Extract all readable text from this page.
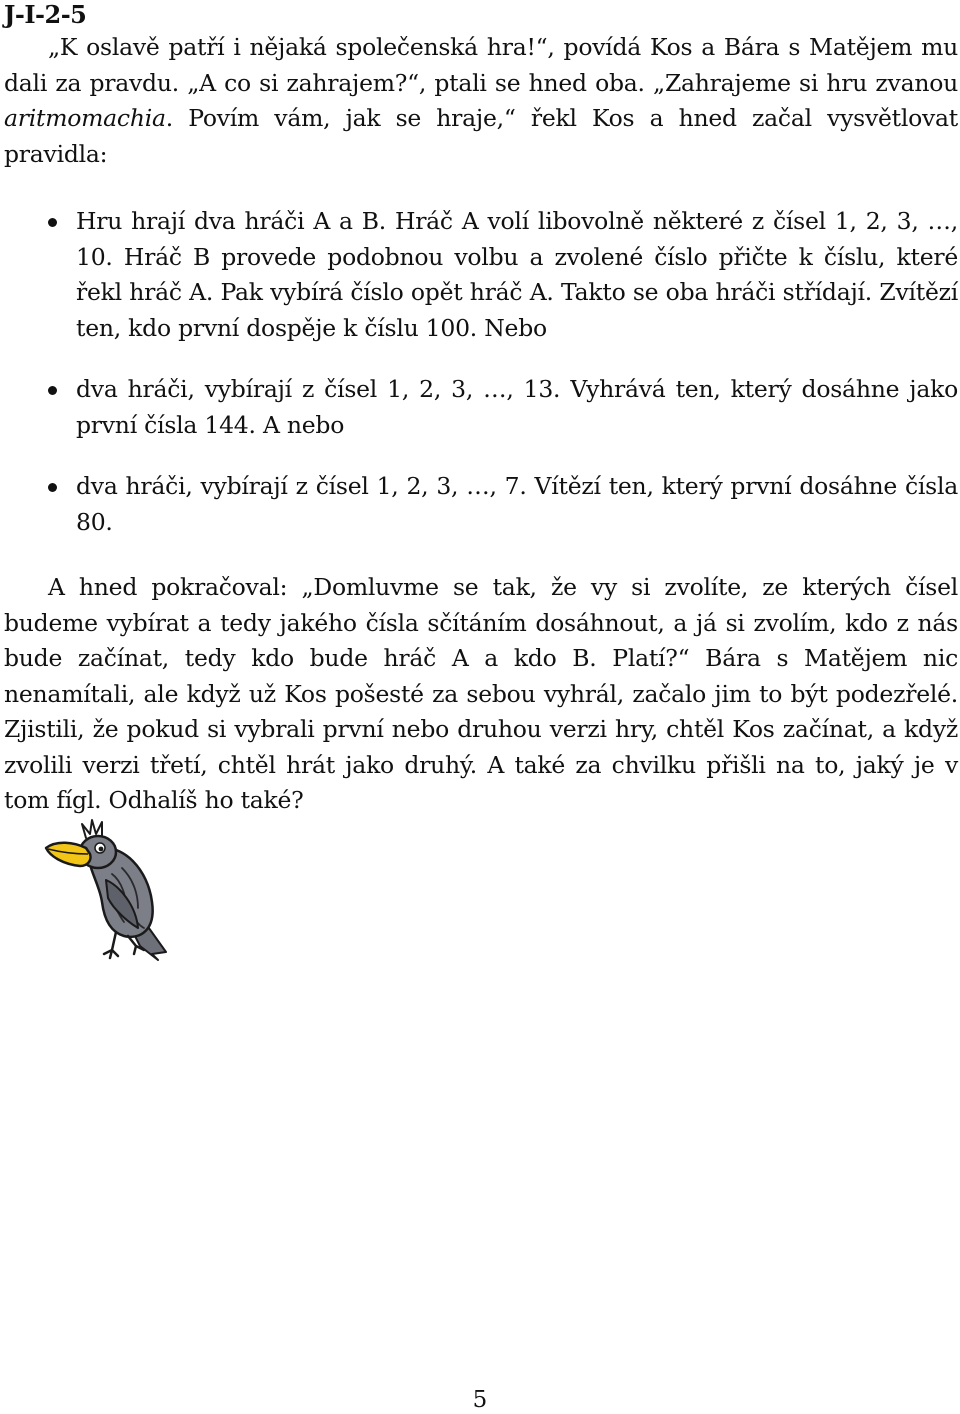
J-I-2-5

„K oslavě patří i nějaká společenská hra!“, povídá Kos a Bára s Matějem mu dali za pravdu. „A co si zahrajem?“, ptali se hned oba. „Zahrajeme si hru zvanou aritmomachia. Povím vám, jak se hraje,“ řekl Kos a hned začal vysvětlovat pravidla:

Hru hrají dva hráči A a B. Hráč A volí libovolně některé z čísel 1, 2, 3, …, 10. Hráč B provede podobnou volbu a zvolené číslo přičte k číslu, které řekl hráč A. Pak vybírá číslo opět hráč A. Takto se oba hráči střídají. Zvítězí ten, kdo první dospěje k číslu 100. Nebo
dva hráči, vybírají z čísel 1, 2, 3, …, 13. Vyhrává ten, který dosáhne jako první čísla 144. A nebo
dva hráči, vybírají z čísel 1, 2, 3, …, 7. Vítězí ten, který první dosáhne čísla 80.

A hned pokračoval: „Domluvme se tak, že vy si zvolíte, ze kterých čísel budeme vybírat a tedy jakého čísla sčítáním dosáhnout, a já si zvolím, kdo z nás bude začínat, tedy kdo bude hráč A a kdo B. Platí?“ Bára s Matějem nic nenamítali, ale když už Kos pošesté za sebou vyhrál, začalo jim to být podezřelé. Zjistili, že pokud si vybrali první nebo druhou verzi hry, chtěl Kos začínat, a když zvolili verzi třetí, chtěl hrát jako druhý. A také za chvilku přišli na to, jaký je v tom fígl. Odhalíš ho také?

5
